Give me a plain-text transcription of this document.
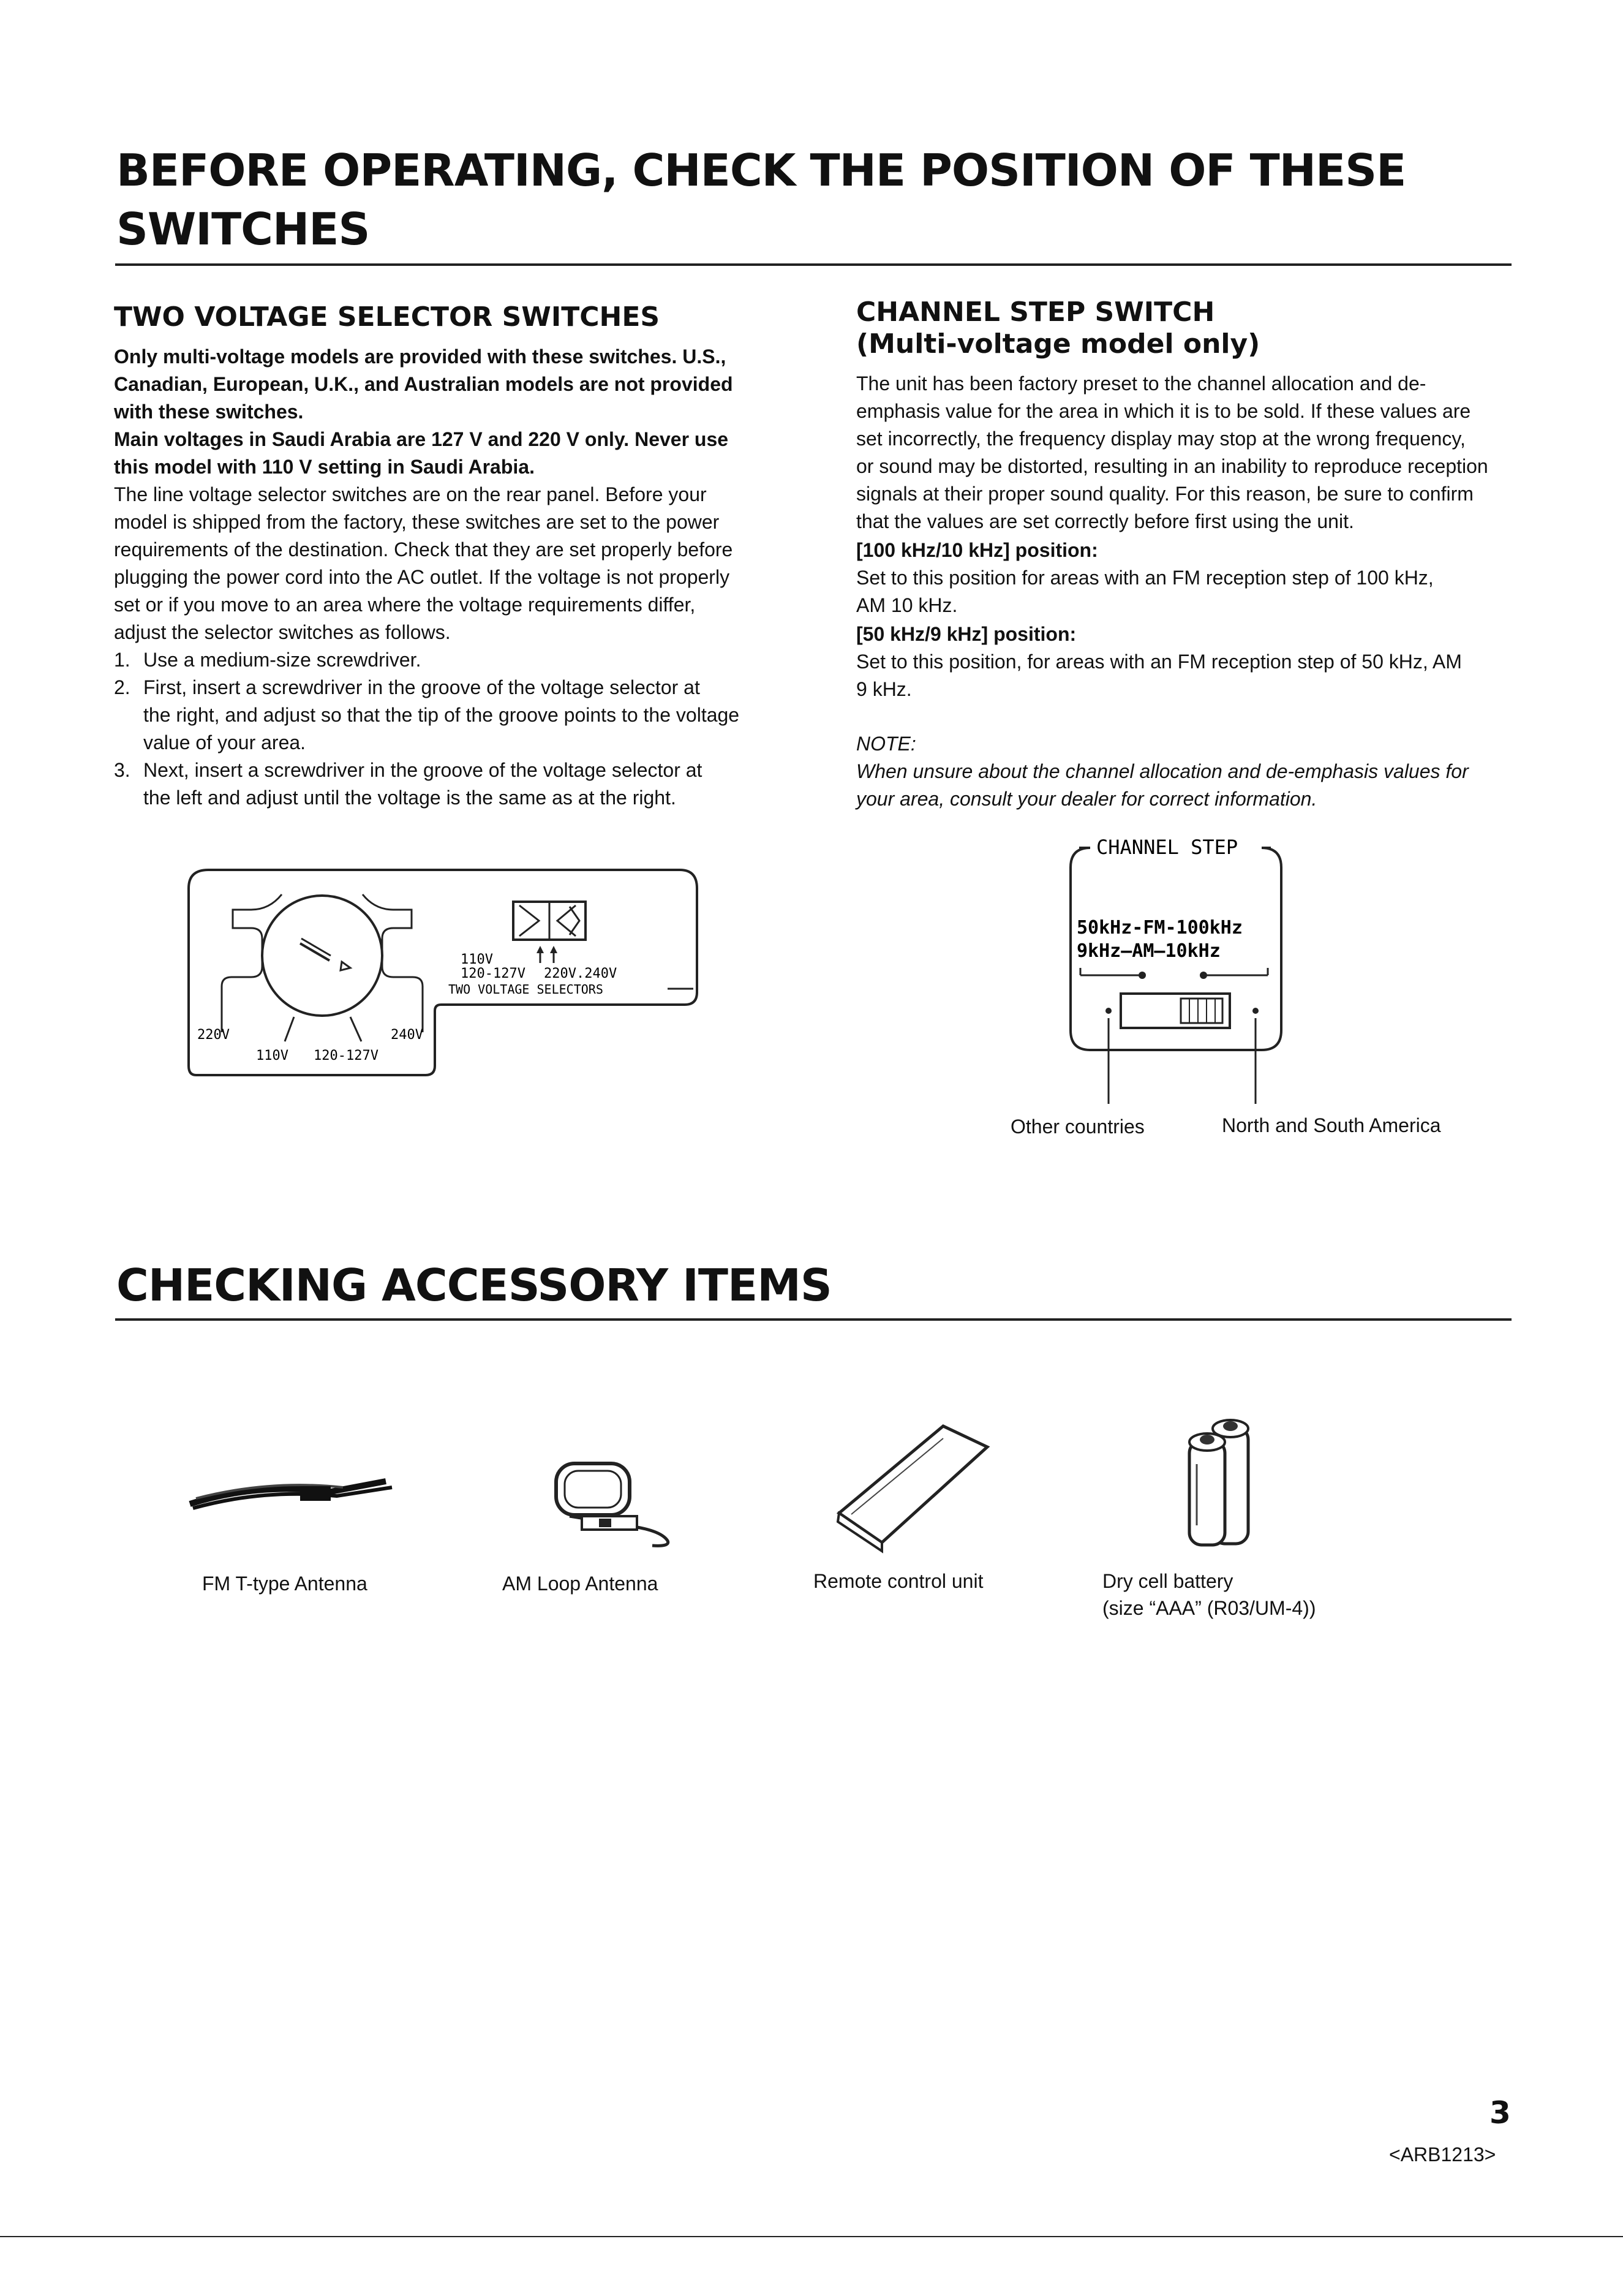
BEFORE OPERATING, CHECK THE POSITION OF THESE
SWITCHES
TWO VOLTAGE SELECTOR SWITCHES
Only multi-voltage models are provided with these switches. U.S.,
Canadian, European, U.K., and Australian models are not provided
with these switches.
Main voltages in Saudi Arabia are 127 V and 220 V only. Never use
this model with 110 V setting in Saudi Arabia.
The line voltage selector switches are on the rear panel. Before your
model is shipped from the factory, these switches are set to the power
requirements of the destination. Check that they are set properly before
plugging the power cord into the AC outlet. If the voltage is not properly
set or if you move to an area where the voltage requirements differ,
adjust the selector switches as follows.
1. Use a medium-size screwdriver.
2. First, insert a screwdriver in the groove of the voltage selector at
the right, and adjust so that the tip of the groove points to the voltage
value of your area.
3. Next, insert a screwdriver in the groove of the voltage selector at
the left and adjust until the voltage is the same as at the right.
220V
110V 120-127V
240V
110V
120-127V 220V.240V
TWO VOLTAGE SELECTORS
CHANNEL STEP SWITCH
(Multi-voltage model only)
The unit has been factory preset to the channel allocation and de-
emphasis value for the area in which it is to be sold. If these values are
set incorrectly, the frequency display may stop at the wrong frequency,
or sound may be distorted, resulting in an inability to reproduce reception
signals at their proper sound quality. For this reason, be sure to confirm
that the values are set correctly before first using the unit.
[100 kHz/10 kHz] position:
Set to this position for areas with an FM reception step of 100 kHz,
AM 10 kHz.
[50 kHz/9 kHz] position:
Set to this position, for areas with an FM reception step of 50 kHz, AM
9 kHz.
NOTE:
When unsure about the channel allocation and de-emphasis values for
your area, consult your dealer for correct information.
CHANNEL STEP
50kHz-FM-100kHz
9kHz—AM—10kHz
Other countries	North and South America
CHECKING ACCESSORY ITEMS
FM T-type Antenna	AM Loop Antenna	Remote control unit	Dry cell battery
(size “AAA” (R03/UM-4))
3
<ARB1213>
